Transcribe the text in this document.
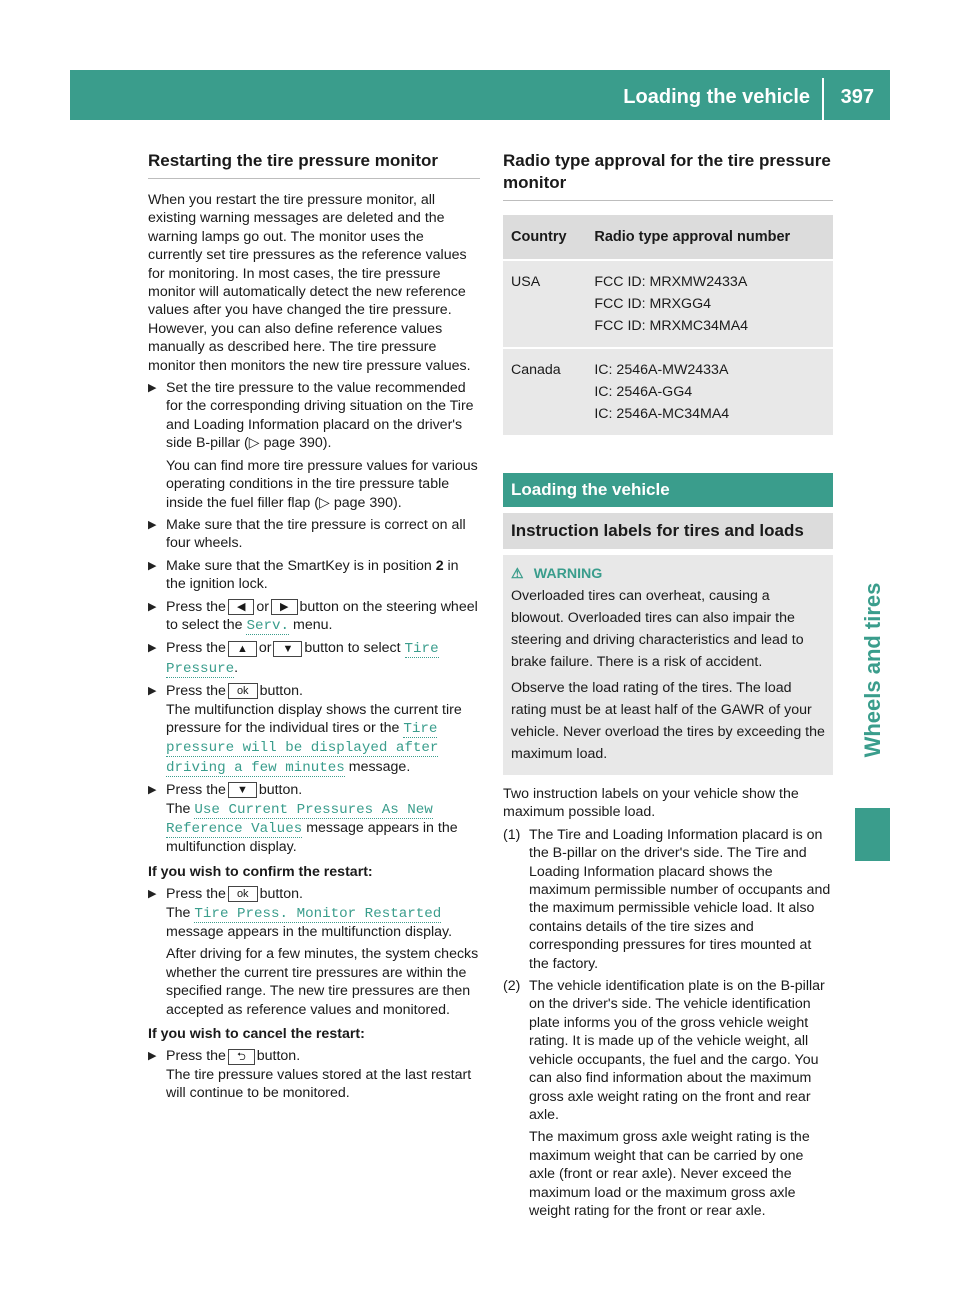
Loading the vehicle 397
Wheels and tires
Restarting the tire pressure monitor

When you restart the tire pressure monitor, all existing warning messages are deleted and the warning lamps go out. The monitor uses the currently set tire pressures as the reference values for monitoring. In most cases, the tire pressure monitor will automatically detect the new reference values after you have changed the tire pressure. However, you can also define reference values manually as described here. The tire pressure monitor then monitors the new tire pressure values.

▶ Set the tire pressure to the value recommended for the corresponding driving situation on the Tire and Loading Information placard on the driver's side B-pillar (▷ page 390).
You can find more tire pressure values for various operating conditions in the tire pressure table inside the fuel filler flap (▷ page 390).
▶ Make sure that the tire pressure is correct on all four wheels.
▶ Make sure that the SmartKey is in position 2 in the ignition lock.
▶ Press the ◀ or ▶ button on the steering wheel to select the Serv. menu.
▶ Press the ▲ or ▼ button to select Tire Pressure.
▶ Press the ok button.
The multifunction display shows the current tire pressure for the individual tires or the Tire pressure will be displayed after driving a few minutes message.
▶ Press the ▼ button.
The Use Current Pressures As New Reference Values message appears in the multifunction display.
If you wish to confirm the restart:
▶ Press the ok button.
The Tire Press. Monitor Restarted message appears in the multifunction display.
After driving for a few minutes, the system checks whether the current tire pressures are within the specified range. The new tire pressures are then accepted as reference values and monitored.
If you wish to cancel the restart:
▶ Press the ⮌ button.
The tire pressure values stored at the last restart will continue to be monitored.
Radio type approval for the tire pressure monitor
Country	Radio type approval number
USA	FCC ID: MRXMW2433A
FCC ID: MRXGG4
FCC ID: MRXMC34MA4

Canada	IC: 2546A-MW2433A
IC: 2546A-GG4
IC: 2546A-MC34MA4
Loading the vehicle
Instruction labels for tires and loads
⚠ WARNING
Overloaded tires can overheat, causing a blowout. Overloaded tires can also impair the steering and driving characteristics and lead to brake failure. There is a risk of accident.
Observe the load rating of the tires. The load rating must be at least half of the GAWR of your vehicle. Never overload the tires by exceeding the maximum load.

Two instruction labels on your vehicle show the maximum possible load.

(1) The Tire and Loading Information placard is on the B-pillar on the driver's side. The Tire and Loading Information placard shows the maximum permissible number of occupants and the maximum permissible vehicle load. It also contains details of the tire sizes and corresponding pressures for tires mounted at the factory.
(2) The vehicle identification plate is on the B-pillar on the driver's side. The vehicle identification plate informs you of the gross vehicle weight rating. It is made up of the vehicle weight, all vehicle occupants, the fuel and the cargo. You can also find information about the maximum gross axle weight rating on the front and rear axle.
The maximum gross axle weight rating is the maximum weight that can be carried by one axle (front or rear axle). Never exceed the maximum load or the maximum gross axle weight rating for the front or rear axle.
